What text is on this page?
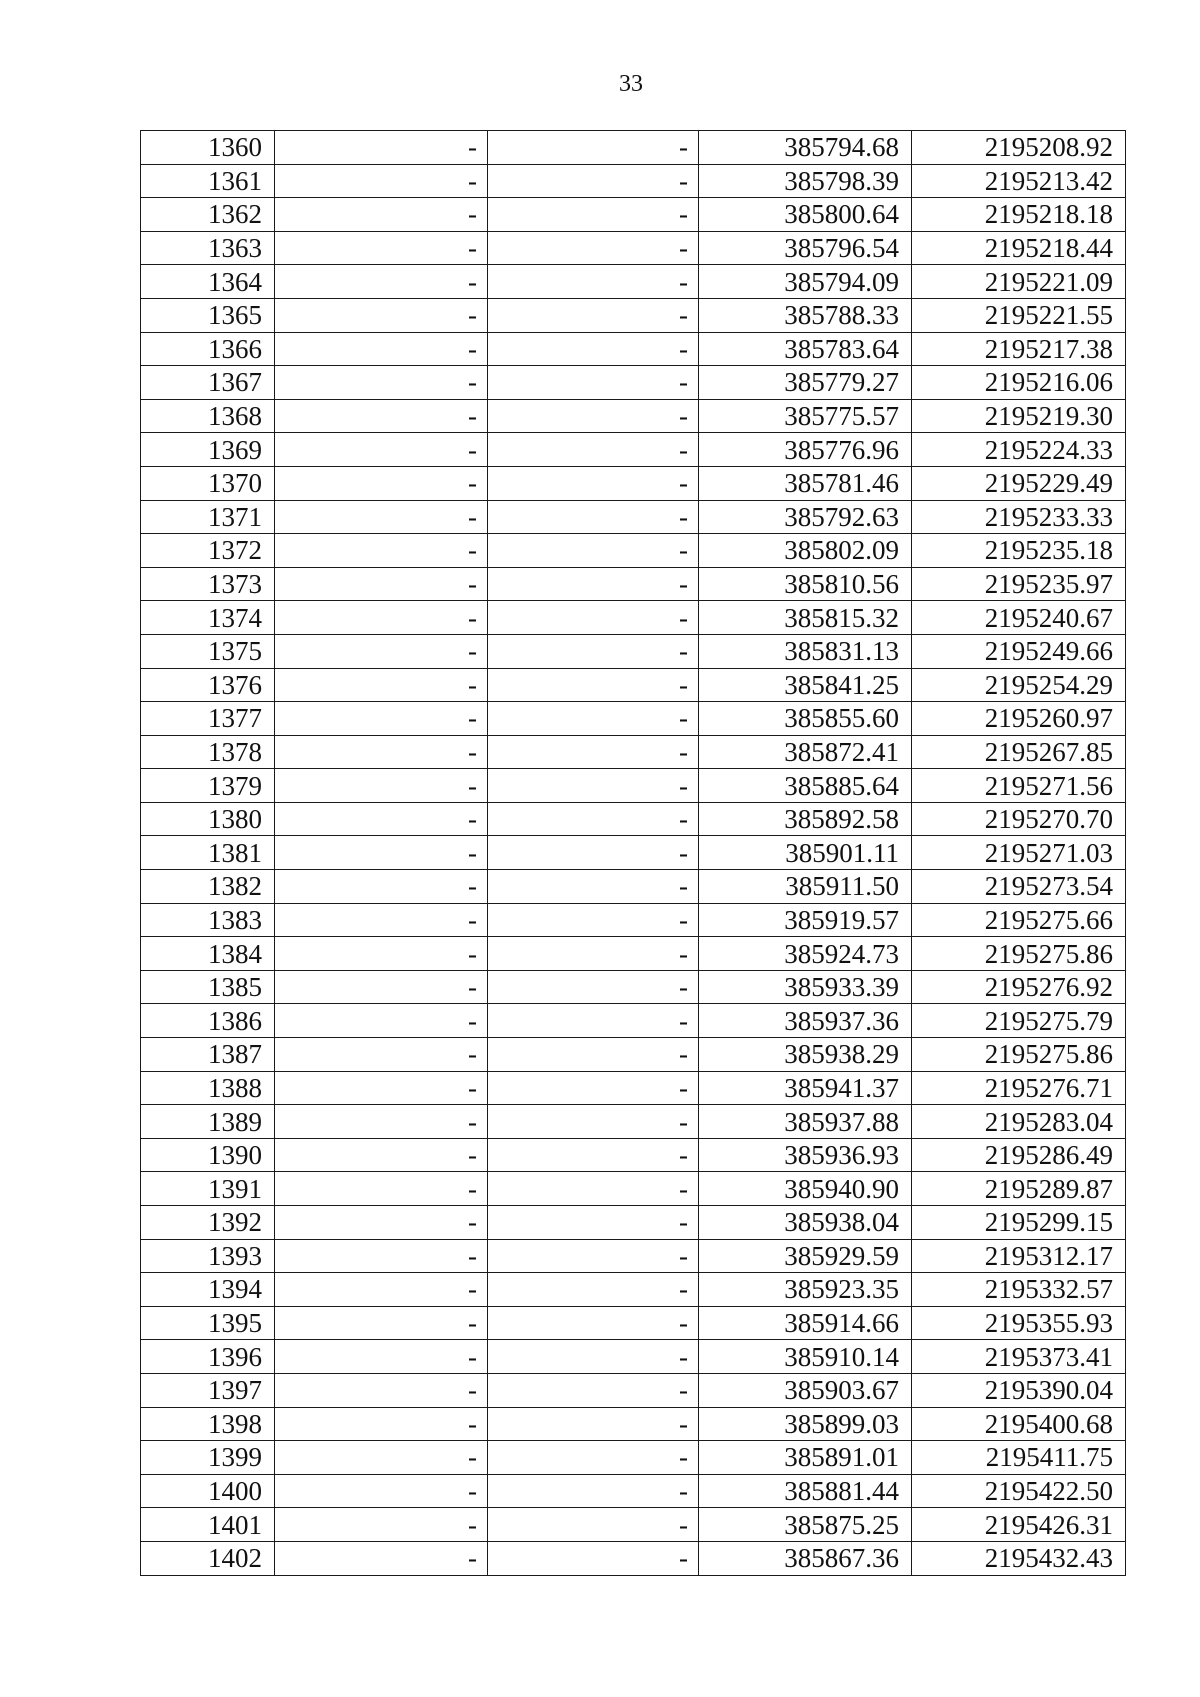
33
1360	-	-	385794.68	2195208.92
1361	-	-	385798.39	2195213.42
1362	-	-	385800.64	2195218.18
1363	-	-	385796.54	2195218.44
1364	-	-	385794.09	2195221.09
1365	-	-	385788.33	2195221.55
1366	-	-	385783.64	2195217.38
1367	-	-	385779.27	2195216.06
1368	-	-	385775.57	2195219.30
1369	-	-	385776.96	2195224.33
1370	-	-	385781.46	2195229.49
1371	-	-	385792.63	2195233.33
1372	-	-	385802.09	2195235.18
1373	-	-	385810.56	2195235.97
1374	-	-	385815.32	2195240.67
1375	-	-	385831.13	2195249.66
1376	-	-	385841.25	2195254.29
1377	-	-	385855.60	2195260.97
1378	-	-	385872.41	2195267.85
1379	-	-	385885.64	2195271.56
1380	-	-	385892.58	2195270.70
1381	-	-	385901.11	2195271.03
1382	-	-	385911.50	2195273.54
1383	-	-	385919.57	2195275.66
1384	-	-	385924.73	2195275.86
1385	-	-	385933.39	2195276.92
1386	-	-	385937.36	2195275.79
1387	-	-	385938.29	2195275.86
1388	-	-	385941.37	2195276.71
1389	-	-	385937.88	2195283.04
1390	-	-	385936.93	2195286.49
1391	-	-	385940.90	2195289.87
1392	-	-	385938.04	2195299.15
1393	-	-	385929.59	2195312.17
1394	-	-	385923.35	2195332.57
1395	-	-	385914.66	2195355.93
1396	-	-	385910.14	2195373.41
1397	-	-	385903.67	2195390.04
1398	-	-	385899.03	2195400.68
1399	-	-	385891.01	2195411.75
1400	-	-	385881.44	2195422.50
1401	-	-	385875.25	2195426.31
1402	-	-	385867.36	2195432.43
